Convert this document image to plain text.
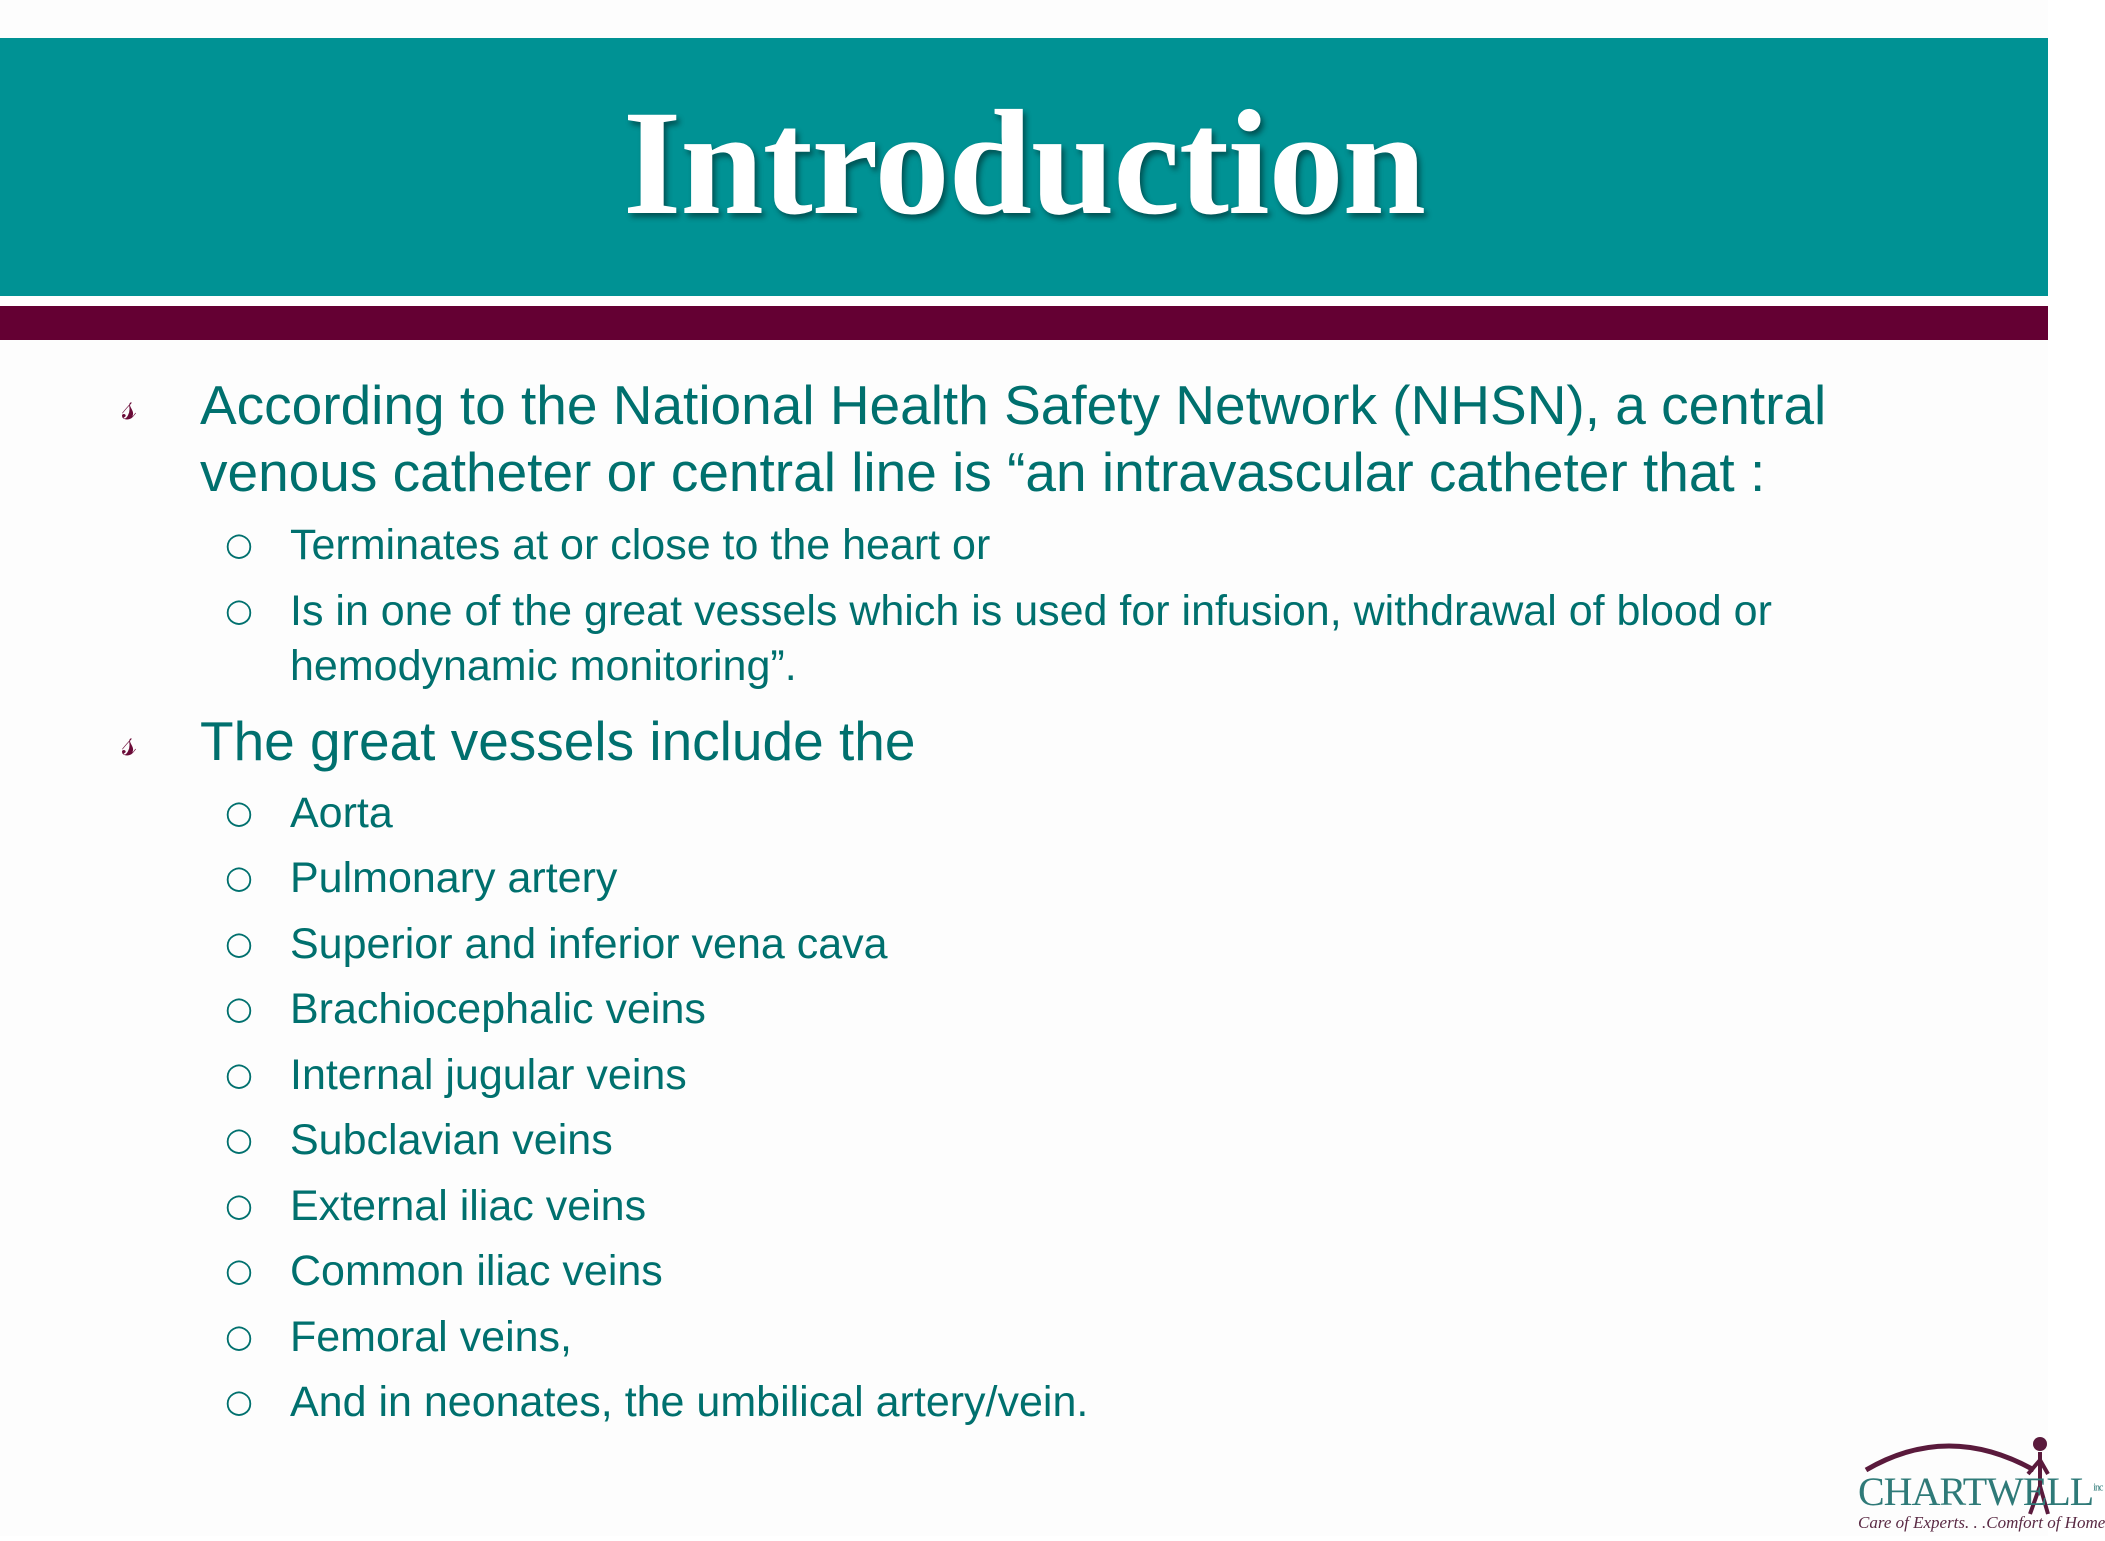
Introduction
𝓈 According to the National Health Safety Network (NHSN), a central venous catheter or central line is “an intravascular catheter that :
○ Terminates at or close to the heart or
○ Is in one of the great vessels which is used for infusion, withdrawal of blood or hemodynamic monitoring”.
𝓈 The great vessels include the
○ Aorta
○ Pulmonary artery
○ Superior and inferior vena cava
○ Brachiocephalic veins
○ Internal jugular veins
○ Subclavian veins
○ External iliac veins
○ Common iliac veins
○ Femoral veins,
○ And in neonates, the umbilical artery/vein.
$CHARTWELL^{inc}$
Care of Experts. . .Comfort of Home
